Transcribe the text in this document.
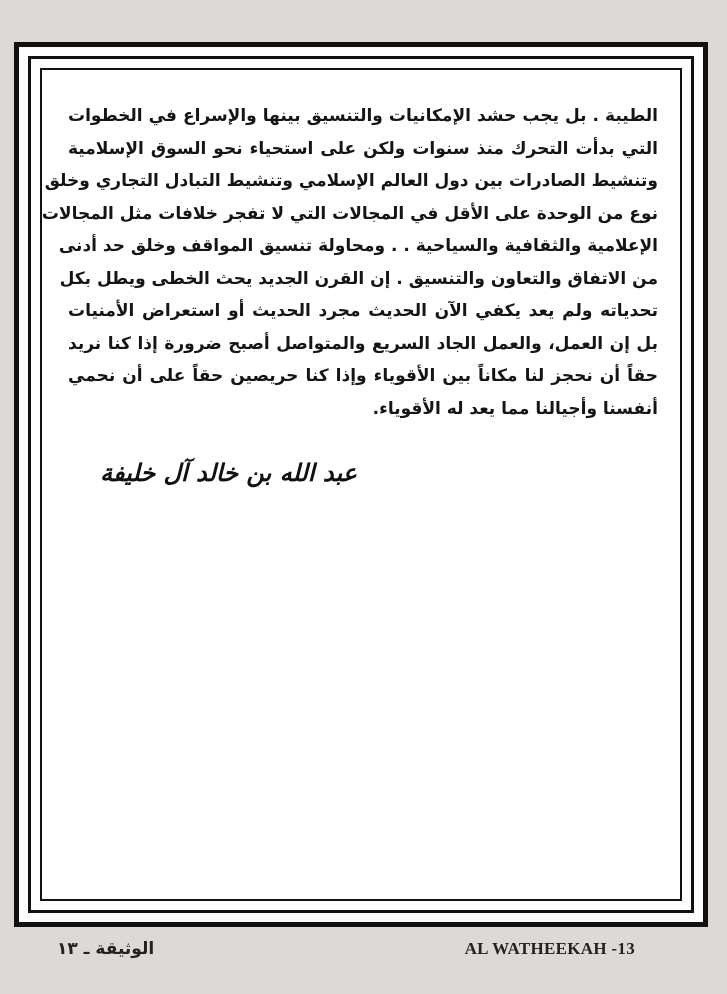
الطيبة . بل يجب حشد الإمكانيات والتنسيق بينها والإسراع في الخطوات
التي بدأت التحرك منذ سنوات ولكن على استحياء نحو السوق الإسلامية
وتنشيط الصادرات بين دول العالم الإسلامي وتنشيط التبادل التجاري وخلق
نوع من الوحدة على الأقل في المجالات التي لا تفجر خلافات مثل المجالات
الإعلامية والثقافية والسياحية . . ومحاولة تنسيق المواقف وخلق حد أدنى
من الاتفاق والتعاون والتنسيق . إن القرن الجديد يحث الخطى ويطل بكل
تحدياته ولم يعد يكفي الآن الحديث مجرد الحديث أو استعراض الأمنيات
بل إن العمل، والعمل الجاد السريع والمتواصل أصبح ضرورة إذا كنا نريد
حقاً أن نحجز لنا مكاناً بين الأقوياء وإذا كنا حريصين حقاً على أن نحمي
أنفسنا وأجيالنا مما يعد له الأقوياء.
عبد الله بن خالد آل خليفة
الوثيقة ـ ١٣	AL WATHEEKAH -13
